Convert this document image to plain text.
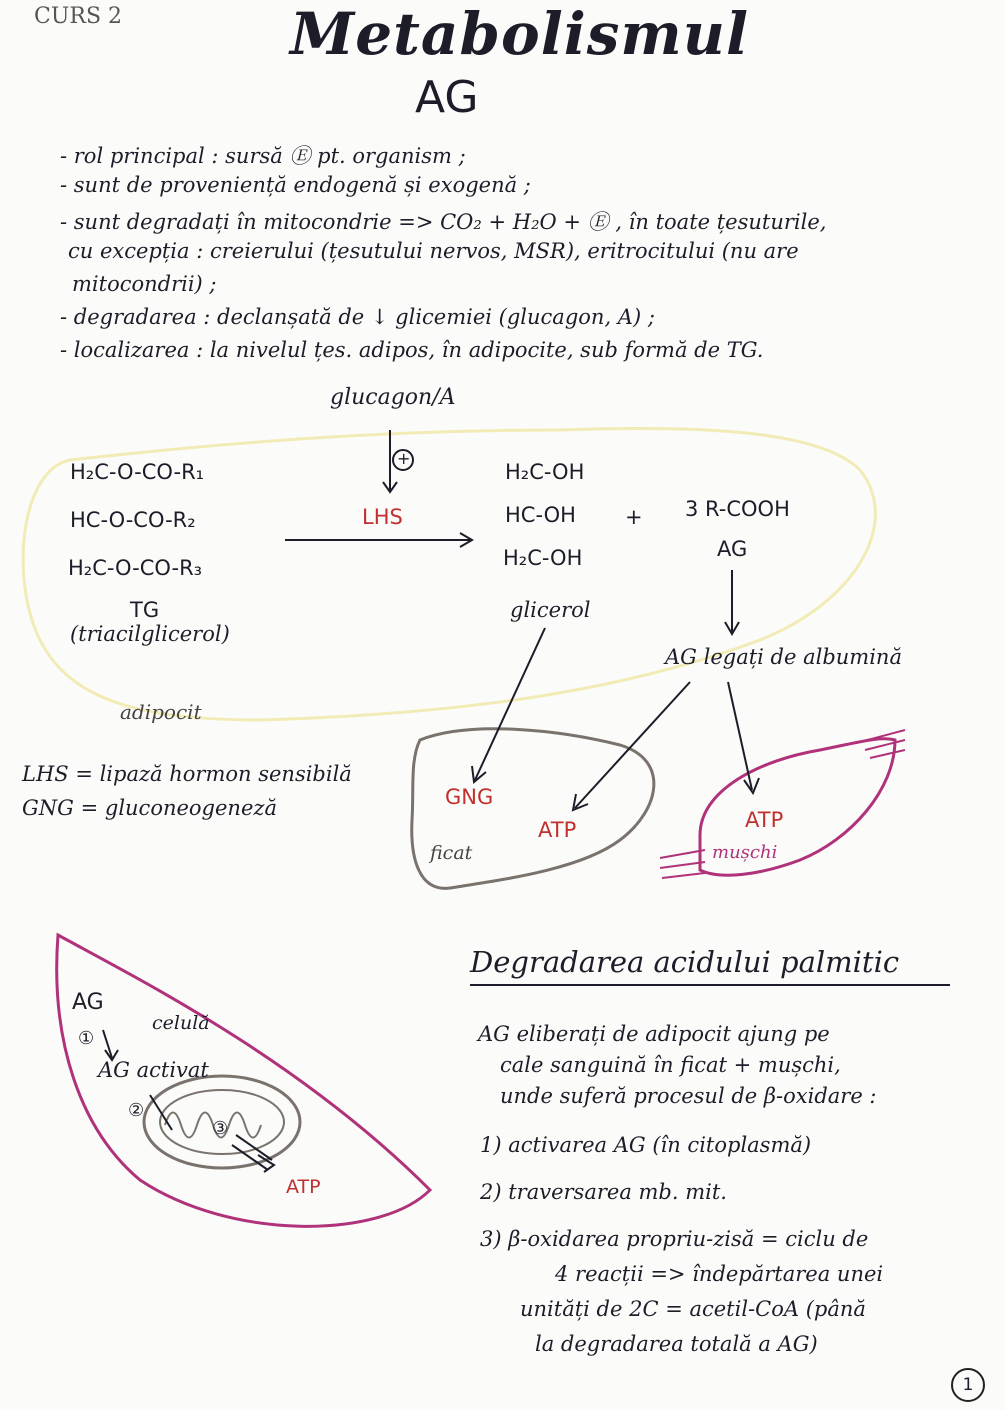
CURS 2	Metabolismul
AG
- rol principal : sursă Ⓔ pt. organism ;
- sunt de proveniență endogenă și exogenă ;
- sunt degradați în mitocondrie => CO₂ + H₂O + Ⓔ , în toate țesuturile,
cu excepția : creierului (țesutului nervos, MSR), eritrocitului (nu are
mitocondrii) ;
- degradarea : declanșată de ↓ glicemiei (glucagon, A) ;
- localizarea : la nivelul țes. adipos, în adipocite, sub formă de TG.
glucagon/A
+
LHS
H₂C-O-CO-R₁
HC-O-CO-R₂
H₂C-O-CO-R₃
TG
(triacilglicerol)
H₂C-OH
HC-OH
H₂C-OH
+ 3 R-COOH
AG
glicerol
AG legați de albumină
adipocit
LHS = lipază hormon sensibilă
GNG = gluconeogeneză	GNG
ATP
ficat
ATP
mușchi
AG
①
celulă
AG activat
②
③
ATP
Degradarea acidului palmitic
AG eliberați de adipocit ajung pe
cale sanguină în ficat + mușchi,
unde suferă procesul de β-oxidare :
1) activarea AG (în citoplasmă)
2) traversarea mb. mit.
3) β-oxidarea propriu-zisă = ciclu de
4 reacții => îndepărtarea unei
unități de 2C = acetil-CoA (până
la degradarea totală a AG)
1
